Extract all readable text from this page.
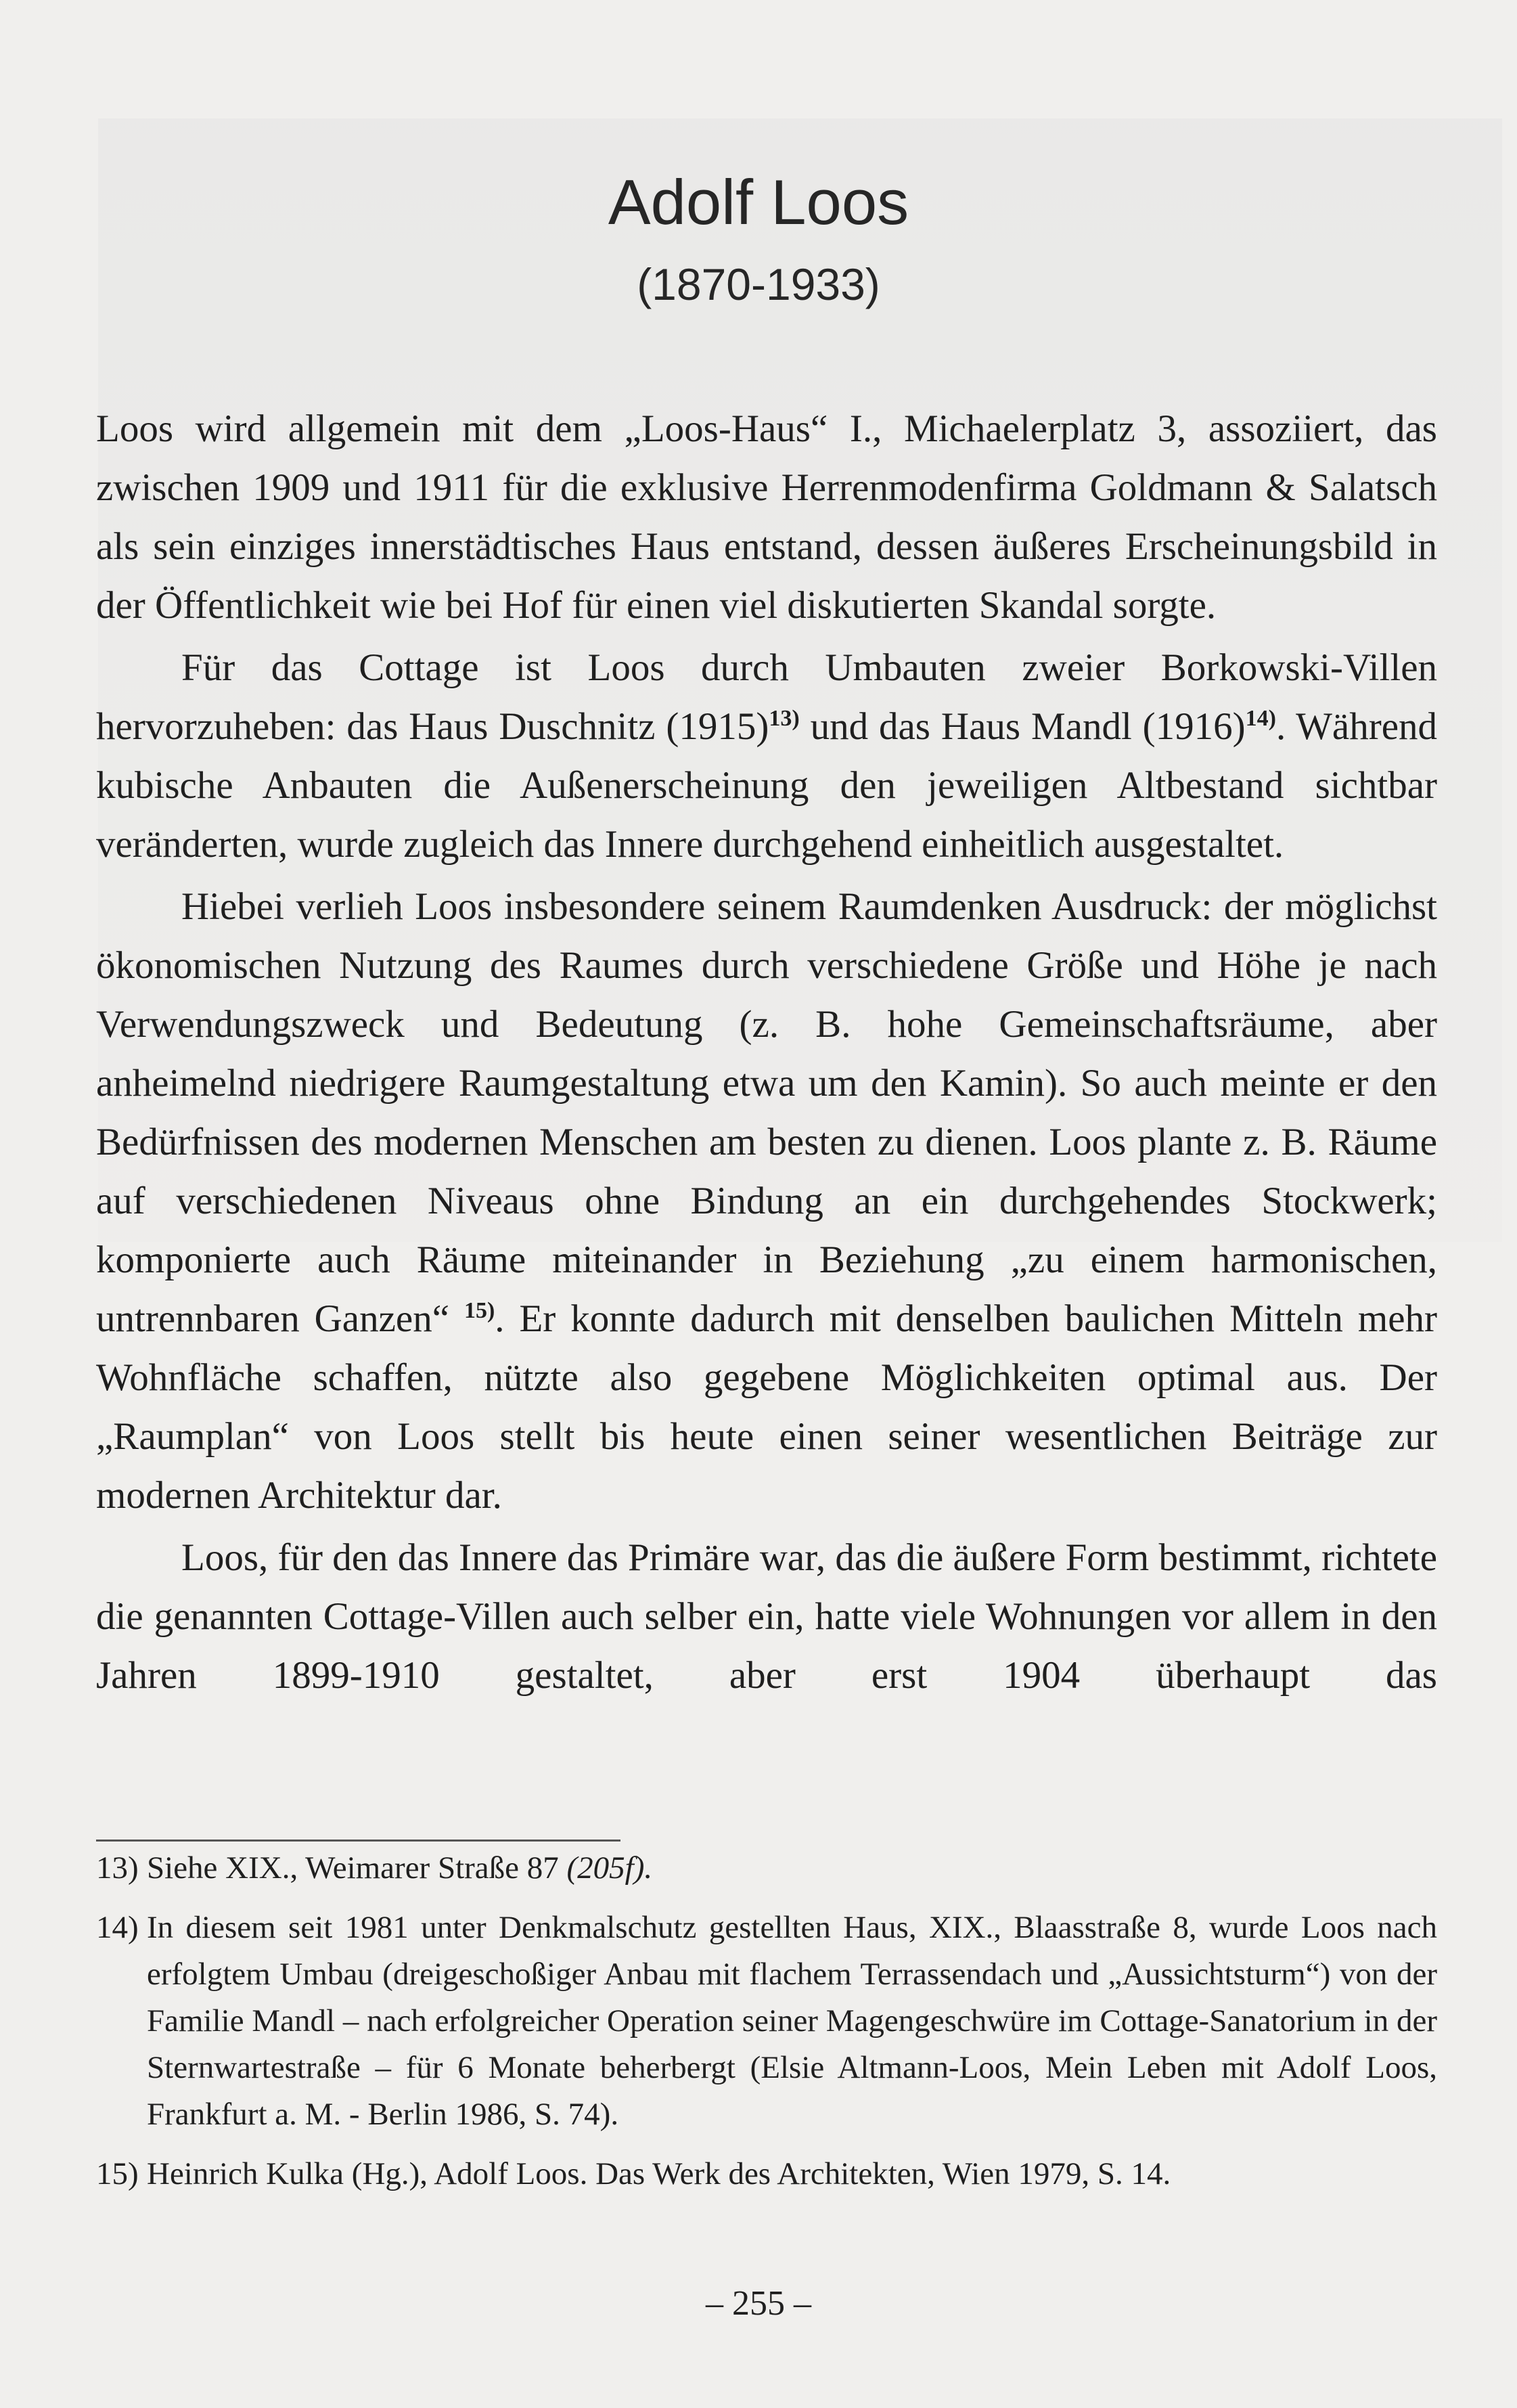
Adolf Loos
(1870-1933)

Loos wird allgemein mit dem „Loos-Haus“ I., Michaelerplatz 3, assoziiert, das zwischen 1909 und 1911 für die exklusive Herrenmodenfirma Goldmann & Salatsch als sein einziges innerstädtisches Haus entstand, dessen äußeres Erscheinungsbild in der Öffentlichkeit wie bei Hof für einen viel diskutierten Skandal sorgte.

Für das Cottage ist Loos durch Umbauten zweier Borkowski-Villen hervorzuheben: das Haus Duschnitz $(1915)^{13)}$ und das Haus Mandl $(1916)^{14)}$. Während kubische Anbauten die Außenerscheinung den jeweiligen Altbestand sichtbar veränderten, wurde zugleich das Innere durchgehend einheitlich ausgestaltet.

Hiebei verlieh Loos insbesondere seinem Raumdenken Ausdruck: der möglichst ökonomischen Nutzung des Raumes durch verschiedene Größe und Höhe je nach Verwendungszweck und Bedeutung (z. B. hohe Gemeinschaftsräume, aber anheimelnd niedrigere Raumgestaltung etwa um den Kamin). So auch meinte er den Bedürfnissen des modernen Menschen am besten zu dienen. Loos plante z. B. Räume auf verschiedenen Niveaus ohne Bindung an ein durchgehendes Stockwerk; komponierte auch Räume miteinander in Beziehung „zu einem harmonischen, untrennbaren Ganzen“ $^{15)}$. Er konnte dadurch mit denselben baulichen Mitteln mehr Wohnfläche schaffen, nützte also gegebene Möglichkeiten optimal aus. Der „Raumplan“ von Loos stellt bis heute einen seiner wesentlichen Beiträge zur modernen Architektur dar.

Loos, für den das Innere das Primäre war, das die äußere Form bestimmt, richtete die genannten Cottage-Villen auch selber ein, hatte viele Wohnungen vor allem in den Jahren 1899-1910 gestaltet, aber erst 1904 überhaupt das

13) Siehe XIX., Weimarer Straße 87 (205f).
14) In diesem seit 1981 unter Denkmalschutz gestellten Haus, XIX., Blaasstraße 8, wurde Loos nach erfolgtem Umbau (dreigeschoßiger Anbau mit flachem Terrassendach und „Aussichtsturm“) von der Familie Mandl – nach erfolgreicher Operation seiner Magengeschwüre im Cottage-Sanatorium in der Sternwartestraße – für 6 Monate beherbergt (Elsie Altmann-Loos, Mein Leben mit Adolf Loos, Frankfurt a. M. - Berlin 1986, S. 74).
15) Heinrich Kulka (Hg.), Adolf Loos. Das Werk des Architekten, Wien 1979, S. 14.
– 255 –
